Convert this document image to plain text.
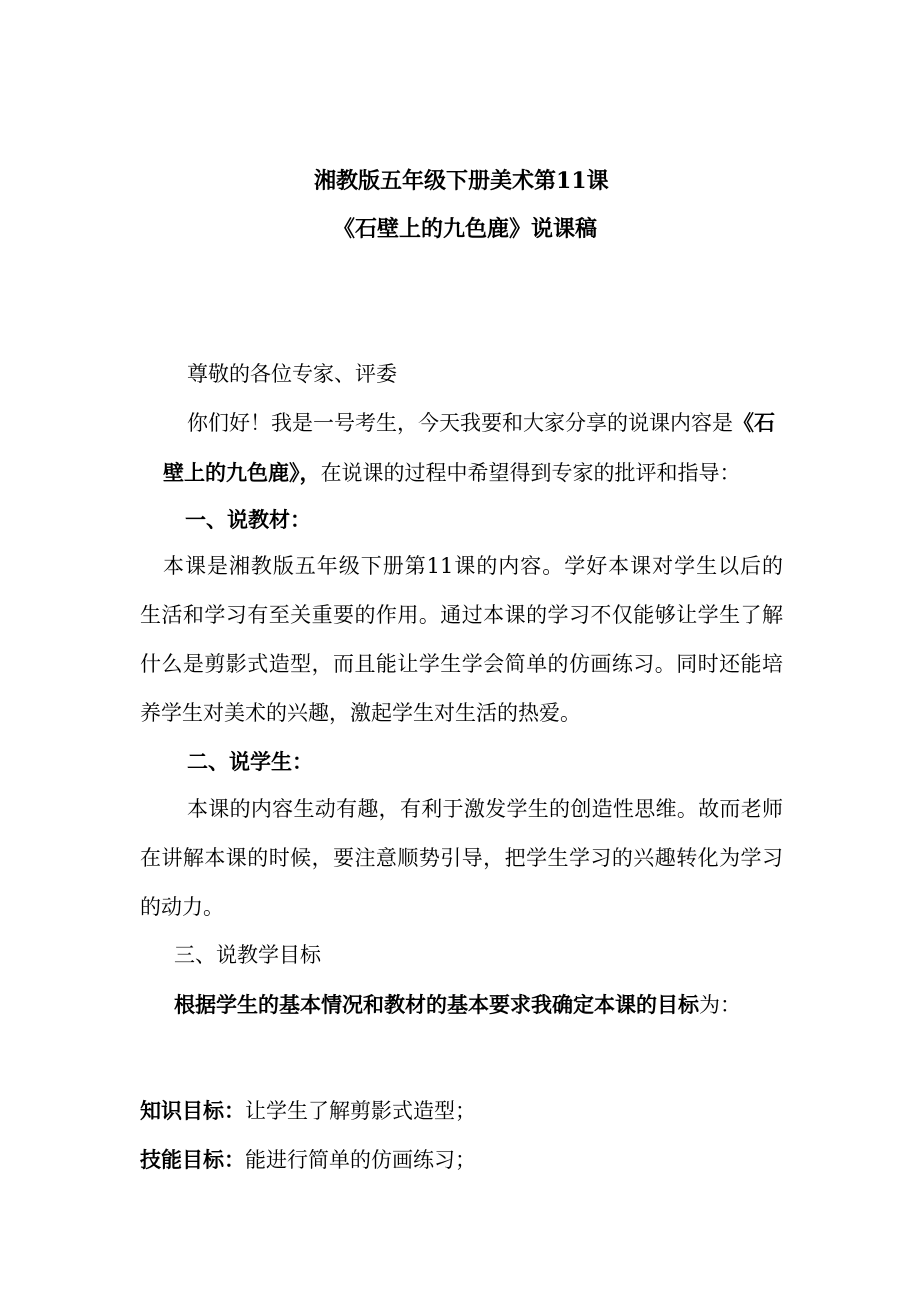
湘教版五年级下册美术第11课
《石壁上的九色鹿》说课稿
尊敬的各位专家、评委
你们好！我是一号考生，今天我要和大家分享的说课内容是《石
壁上的九色鹿》，在说课的过程中希望得到专家的批评和指导：
一、说教材：
本课是湘教版五年级下册第11课的内容。学好本课对学生以后的
生活和学习有至关重要的作用。通过本课的学习不仅能够让学生了解
什么是剪影式造型，而且能让学生学会简单的仿画练习。同时还能培
养学生对美术的兴趣，激起学生对生活的热爱。
二、说学生：
本课的内容生动有趣，有利于激发学生的创造性思维。故而老师
在讲解本课的时候，要注意顺势引导，把学生学习的兴趣转化为学习
的动力。
三、说教学目标
根据学生的基本情况和教材的基本要求我确定本课的目标为：
知识目标：让学生了解剪影式造型；
技能目标：能进行简单的仿画练习；
